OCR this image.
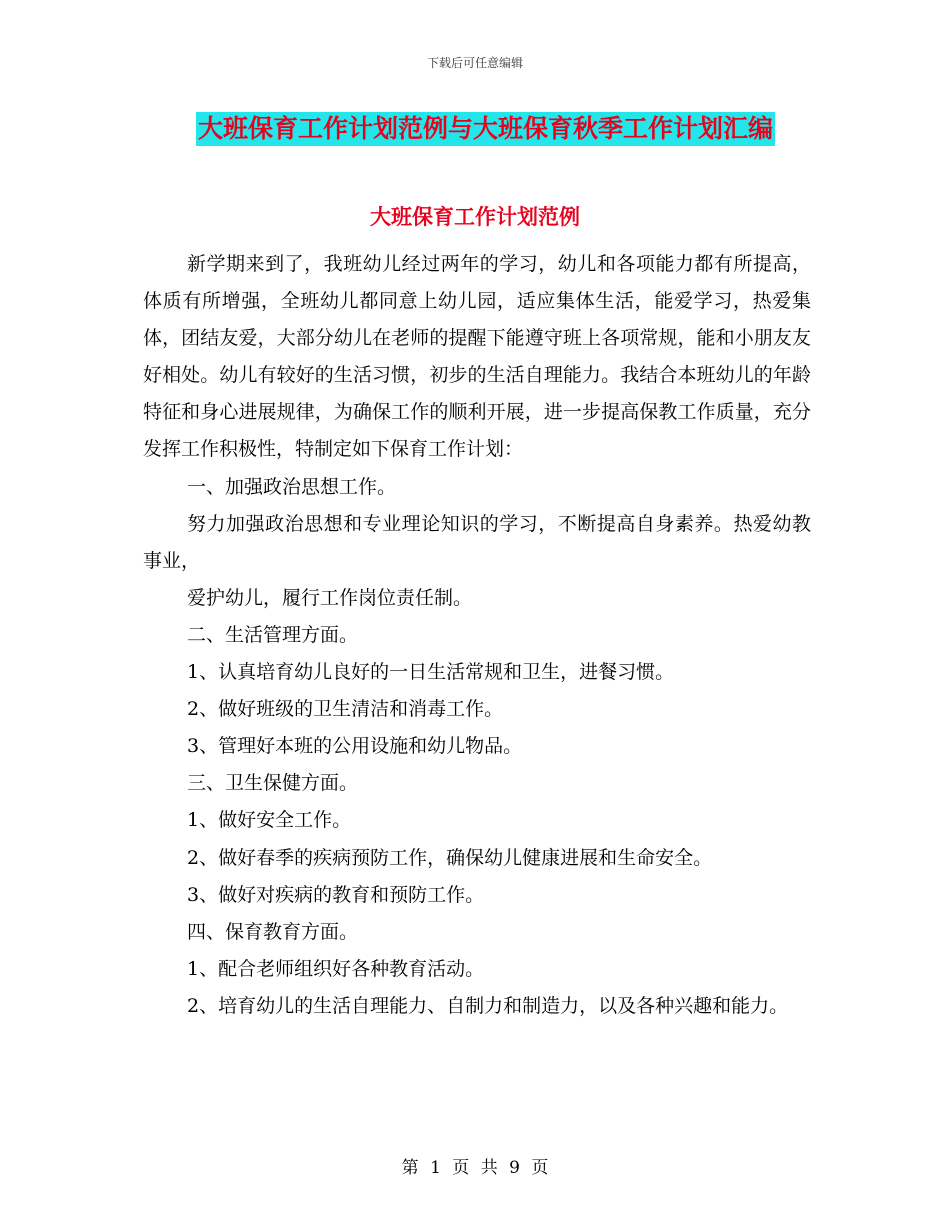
下载后可任意编辑
大班保育工作计划范例与大班保育秋季工作计划汇编
大班保育工作计划范例

新学期来到了，我班幼儿经过两年的学习，幼儿和各项能力都有所提高，体质有所增强，全班幼儿都同意上幼儿园，适应集体生活，能爱学习，热爱集体，团结友爱，大部分幼儿在老师的提醒下能遵守班上各项常规，能和小朋友友好相处。幼儿有较好的生活习惯，初步的生活自理能力。我结合本班幼儿的年龄特征和身心进展规律，为确保工作的顺利开展，进一步提高保教工作质量，充分发挥工作积极性，特制定如下保育工作计划：

一、加强政治思想工作。

努力加强政治思想和专业理论知识的学习，不断提高自身素养。热爱幼教事业，

爱护幼儿，履行工作岗位责任制。

二、生活管理方面。

1、认真培育幼儿良好的一日生活常规和卫生，进餐习惯。

2、做好班级的卫生清洁和消毒工作。

3、管理好本班的公用设施和幼儿物品。

三、卫生保健方面。

1、做好安全工作。

2、做好春季的疾病预防工作，确保幼儿健康进展和生命安全。

3、做好对疾病的教育和预防工作。

四、保育教育方面。

1、配合老师组织好各种教育活动。

2、培育幼儿的生活自理能力、自制力和制造力，以及各种兴趣和能力。

第 1 页 共 9 页
